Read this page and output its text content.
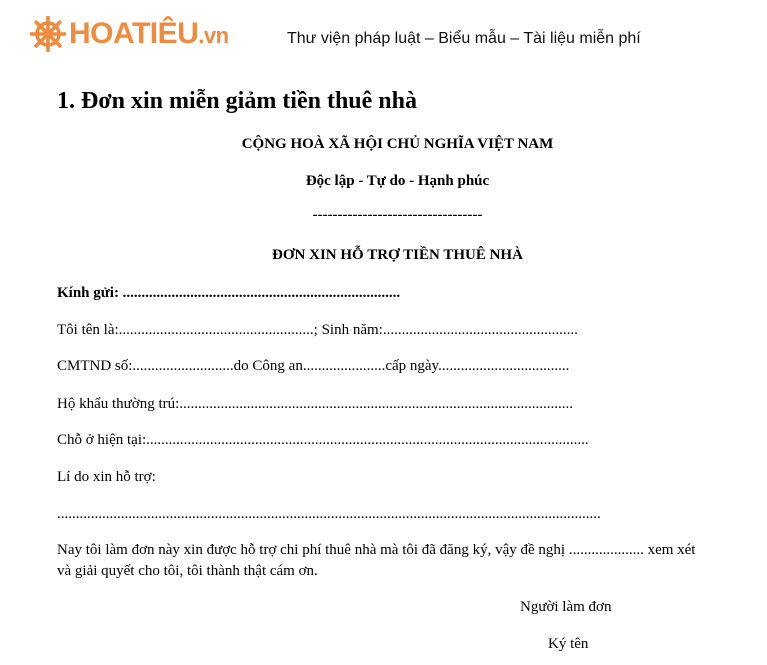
HOATIÊU.vn	Thư viện pháp luật – Biểu mẫu – Tài liệu miễn phí
1. Đơn xin miễn giảm tiền thuê nhà
CỘNG HOÀ XÃ HỘI CHỦ NGHĨA VIỆT NAM
Độc lập - Tự do - Hạnh phúc
----------------------------------
ĐƠN XIN HỖ TRỢ TIỀN THUÊ NHÀ
Kính gửi: ..........................................................................
Tôi tên là:....................................................; Sinh năm:....................................................
CMTND số:...........................do Công an......................cấp ngày...................................
Hộ khẩu thường trú:.........................................................................................................
Chỗ ở hiện tại:......................................................................................................................
Lí do xin hỗ trợ:
.................................................................................................................................................
Nay tôi làm đơn này xin được hỗ trợ chi phí thuê nhà mà tôi đã đăng ký, vậy đề nghị .................... xem xét
và giải quyết cho tôi, tôi thành thật cám ơn.
Người làm đơn
Ký tên
